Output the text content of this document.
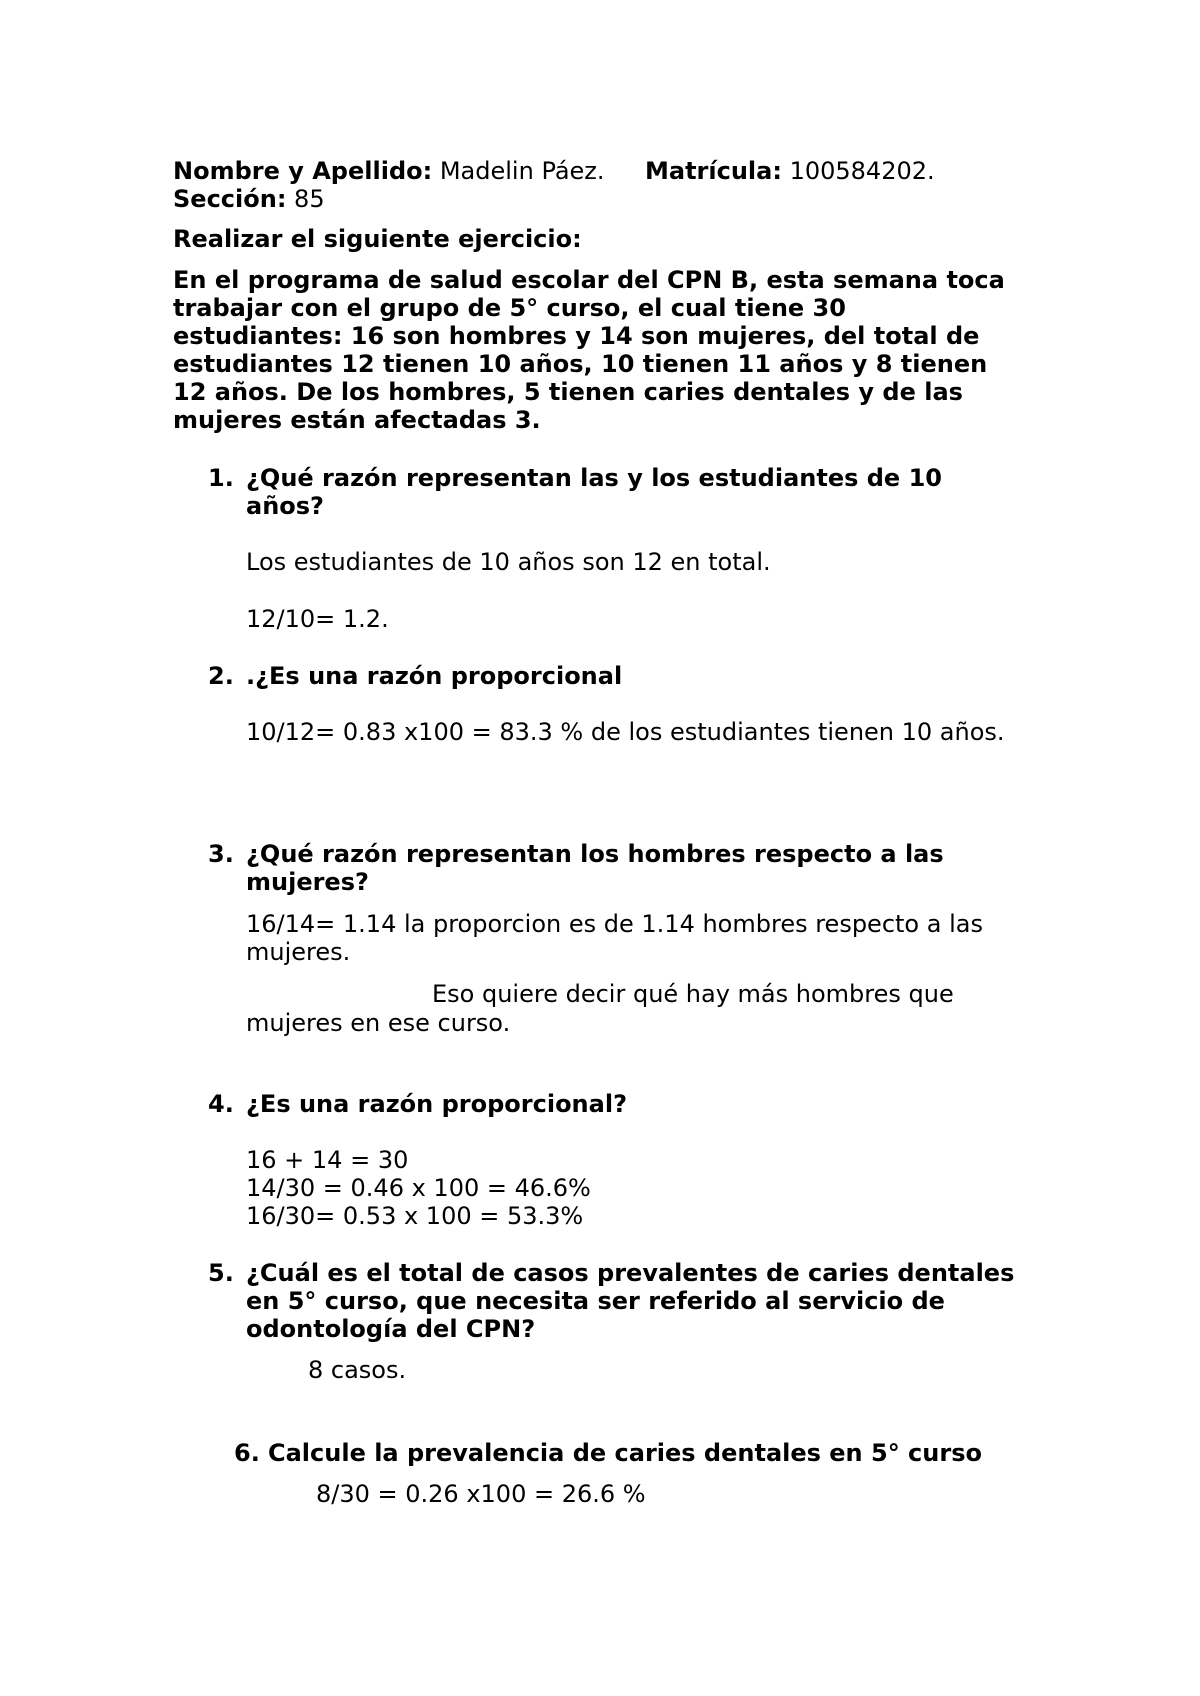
Nombre y Apellido: Madelin Páez. Matrícula: 100584202.
Sección: 85
Realizar el siguiente ejercicio:
En el programa de salud escolar del CPN B, esta semana toca
trabajar con el grupo de 5° curso, el cual tiene 30
estudiantes: 16 son hombres y 14 son mujeres, del total de
estudiantes 12 tienen 10 años, 10 tienen 11 años y 8 tienen
12 años. De los hombres, 5 tienen caries dentales y de las
mujeres están afectadas 3.
1. ¿Qué razón representan las y los estudiantes de 10
años?
Los estudiantes de 10 años son 12 en total.
12/10= 1.2.
2. .¿Es una razón proporcional
10/12= 0.83 x100 = 83.3 % de los estudiantes tienen 10 años.
3. ¿Qué razón representan los hombres respecto a las
mujeres?
16/14= 1.14 la proporcion es de 1.14 hombres respecto a las
mujeres.
Eso quiere decir qué hay más hombres que
mujeres en ese curso.
4. ¿Es una razón proporcional?
16 + 14 = 30
14/30 = 0.46 x 100 = 46.6%
16/30= 0.53 x 100 = 53.3%
5. ¿Cuál es el total de casos prevalentes de caries dentales
en 5° curso, que necesita ser referido al servicio de
odontología del CPN?
8 casos.
6. Calcule la prevalencia de caries dentales en 5° curso
8/30 = 0.26 x100 = 26.6 %
